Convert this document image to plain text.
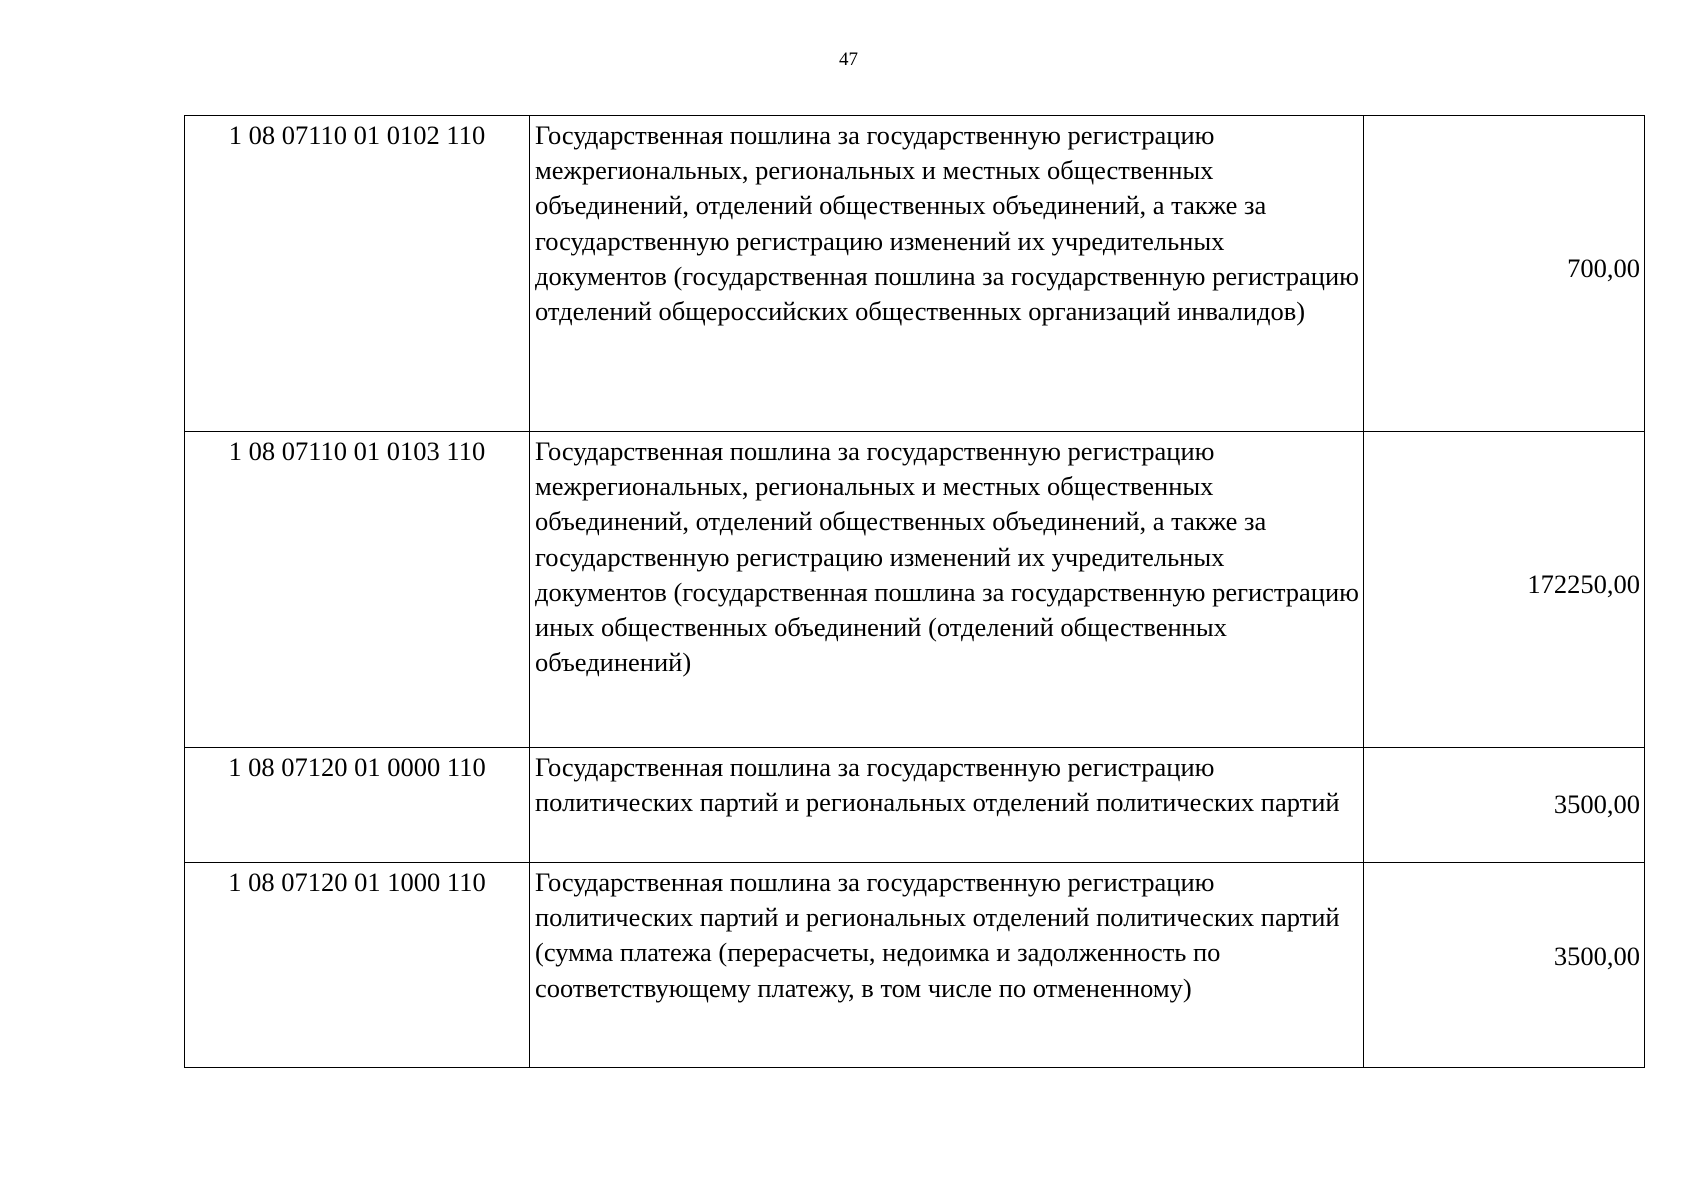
47
1 08 07110 01 0102 110	Государственная пошлина за государственную регистрацию межрегиональных, региональных и местных общественных объединений, отделений общественных объединений, а также за государственную регистрацию изменений их учредительных документов (государственная пошлина за государственную регистрацию отделений общероссийских общественных организаций инвалидов)	700,00
1 08 07110 01 0103 110	Государственная пошлина за государственную регистрацию межрегиональных, региональных и местных общественных объединений, отделений общественных объединений, а также за государственную регистрацию изменений их учредительных документов (государственная пошлина за государственную регистрацию иных общественных объединений (отделений общественных объединений)	172250,00
1 08 07120 01 0000 110	Государственная пошлина за государственную регистрацию политических партий и региональных отделений политических партий	3500,00
1 08 07120 01 1000 110	Государственная пошлина за государственную регистрацию политических партий и региональных отделений политических партий (сумма платежа (перерасчеты, недоимка и задолженность по соответствующему платежу, в том числе по отмененному)	3500,00
